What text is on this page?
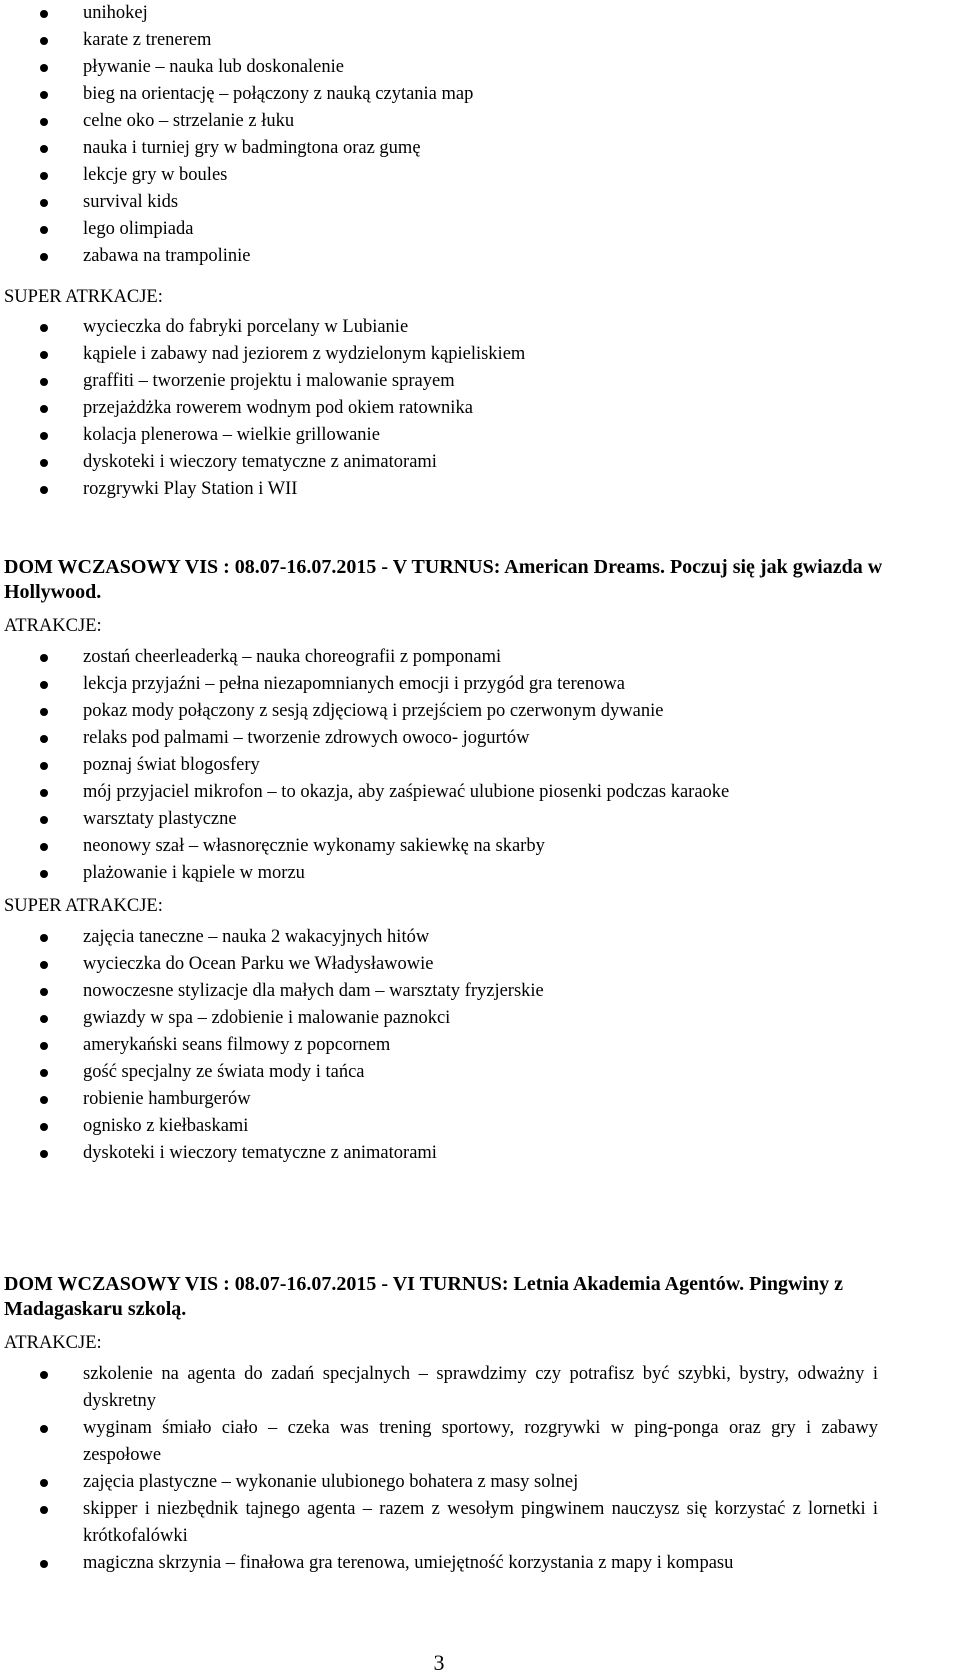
unihokej
karate z trenerem
pływanie – nauka lub doskonalenie
bieg na orientację – połączony z nauką czytania map
celne oko – strzelanie z łuku
nauka i turniej gry w badmingtona oraz gumę
lekcje gry w boules
survival kids
lego olimpiada
zabawa na trampolinie
SUPER ATRKACJE:
wycieczka do fabryki porcelany w Lubianie
kąpiele i zabawy nad jeziorem z wydzielonym kąpieliskiem
graffiti – tworzenie projektu i malowanie sprayem
przejażdżka rowerem wodnym pod okiem ratownika
kolacja plenerowa – wielkie grillowanie
dyskoteki i wieczory tematyczne z animatorami
rozgrywki Play Station i WII
DOM WCZASOWY VIS : 08.07-16.07.2015 - V TURNUS: American Dreams. Poczuj się jak gwiazda w Hollywood.
ATRAKCJE:
zostań cheerleaderką – nauka choreografii z pomponami
lekcja przyjaźni – pełna niezapomnianych emocji i przygód gra terenowa
pokaz mody połączony z sesją zdjęciową i przejściem po czerwonym dywanie
relaks pod palmami – tworzenie zdrowych owoco- jogurtów
poznaj świat blogosfery
mój przyjaciel mikrofon – to okazja, aby zaśpiewać ulubione piosenki podczas karaoke
warsztaty plastyczne
neonowy szał – własnoręcznie wykonamy sakiewkę na skarby
plażowanie i kąpiele w morzu
SUPER ATRAKCJE:
zajęcia taneczne – nauka 2 wakacyjnych hitów
wycieczka do Ocean Parku we Władysławowie
nowoczesne stylizacje dla małych dam – warsztaty fryzjerskie
gwiazdy w spa – zdobienie i malowanie paznokci
amerykański seans filmowy z popcornem
gość specjalny ze świata mody i tańca
robienie hamburgerów
ognisko z kiełbaskami
dyskoteki i wieczory tematyczne z animatorami
DOM WCZASOWY VIS : 08.07-16.07.2015 - VI TURNUS: Letnia Akademia Agentów. Pingwiny z Madagaskaru szkolą.
ATRAKCJE:
szkolenie na agenta do zadań specjalnych – sprawdzimy czy potrafisz być szybki, bystry, odważny i dyskretny
wyginam śmiało ciało – czeka was trening sportowy, rozgrywki w ping-ponga oraz gry i zabawy zespołowe
zajęcia plastyczne – wykonanie ulubionego bohatera z masy solnej
skipper i niezbędnik tajnego agenta – razem z wesołym pingwinem nauczysz się korzystać z lornetki i krótkofalówki
magiczna skrzynia – finałowa gra terenowa, umiejętność korzystania z mapy i kompasu
3
